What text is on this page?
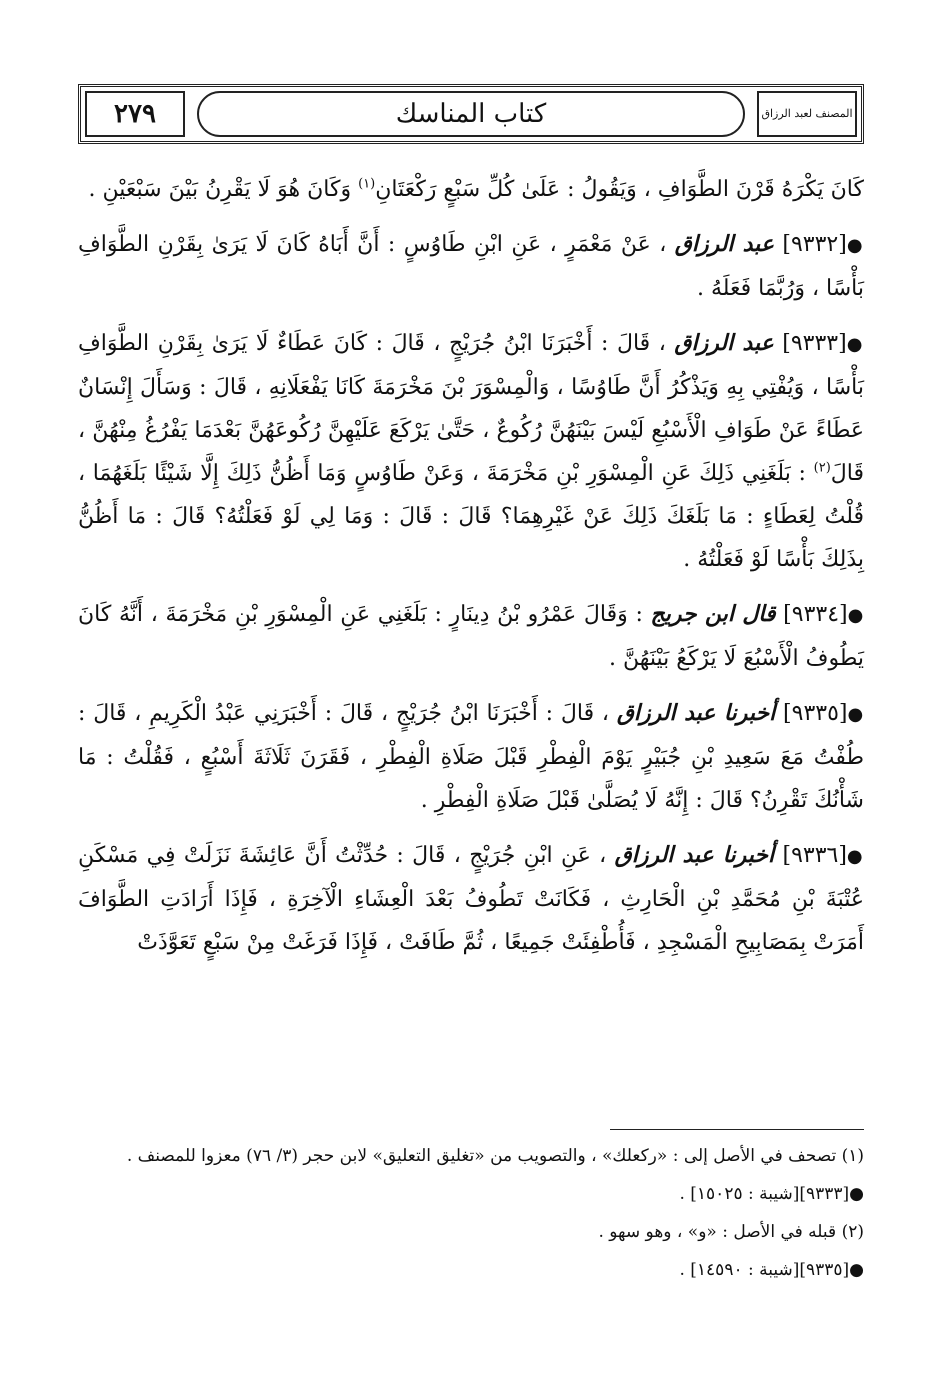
٢٧٩	كتاب المناسك	المصنف لعبد الرزاق

كَانَ يَكْرَهُ قَرْنَ الطَّوَافِ ، وَيَقُولُ : عَلَىٰ كُلِّ سَبْعٍ رَكْعَتَانِ$^{(١)}$ وَكَانَ هُوَ لَا يَقْرِنُ بَيْنَ سَبْعَيْنِ .

●[٩٣٣٢] عبد الرزاق ، عَنْ مَعْمَرٍ ، عَنِ ابْنِ طَاوُسٍ : أَنَّ أَبَاهُ كَانَ لَا يَرَىٰ بِقَرْنِ الطَّوَافِ بَأْسًا ، وَرُبَّمَا فَعَلَهُ .

●[٩٣٣٣] عبد الرزاق ، قَالَ : أَخْبَرَنَا ابْنُ جُرَيْجٍ ، قَالَ : كَانَ عَطَاءٌ لَا يَرَىٰ بِقَرْنِ الطَّوَافِ بَأْسًا ، وَيُفْتِي بِهِ وَيَذْكُرُ أَنَّ طَاوُسًا ، وَالْمِسْوَرَ بْنَ مَخْرَمَةَ كَانَا يَفْعَلَانِهِ ، قَالَ : وَسَأَلَ إِنْسَانٌ عَطَاءً عَنْ طَوَافِ الْأَسْبُعِ لَيْسَ بَيْنَهُنَّ رُكُوعٌ ، حَتَّىٰ يَرْكَعَ عَلَيْهِنَّ رُكُوعَهُنَّ بَعْدَمَا يَفْرُغُ مِنْهُنَّ ، قَالَ$^{(٢)}$ : بَلَغَنِي ذَلِكَ عَنِ الْمِسْوَرِ بْنِ مَخْرَمَةَ ، وَعَنْ طَاوُسٍ وَمَا أَظُنُّ ذَلِكَ إِلَّا شَيْئًا بَلَغَهُمَا ، قُلْتُ لِعَطَاءٍ : مَا بَلَغَكَ ذَلِكَ عَنْ غَيْرِهِمَا؟ قَالَ : قَالَ : وَمَا لِي لَوْ فَعَلْتُهُ؟ قَالَ : مَا أَظُنُّ بِذَلِكَ بَأْسًا لَوْ فَعَلْتُهُ .

●[٩٣٣٤] قال ابن جريج : وَقَالَ عَمْرُو بْنُ دِينَارٍ : بَلَغَنِي عَنِ الْمِسْوَرِ بْنِ مَخْرَمَةَ ، أَنَّهُ كَانَ يَطُوفُ الْأَسْبُعَ لَا يَرْكَعُ بَيْنَهُنَّ .

●[٩٣٣٥] أخبرنا عبد الرزاق ، قَالَ : أَخْبَرَنَا ابْنُ جُرَيْجٍ ، قَالَ : أَخْبَرَنِي عَبْدُ الْكَرِيمِ ، قَالَ : طُفْتُ مَعَ سَعِيدِ بْنِ جُبَيْرٍ يَوْمَ الْفِطْرِ قَبْلَ صَلَاةِ الْفِطْرِ ، فَقَرَنَ ثَلَاثَةَ أَسْبُعٍ ، فَقُلْتُ : مَا شَأْنُكَ تَقْرِنُ؟ قَالَ : إِنَّهُ لَا يُصَلَّىٰ قَبْلَ صَلَاةِ الْفِطْرِ .

●[٩٣٣٦] أخبرنا عبد الرزاق ، عَنِ ابْنِ جُرَيْجٍ ، قَالَ : حُدِّثْتُ أَنَّ عَائِشَةَ نَزَلَتْ فِي مَسْكَنِ عُتْبَةَ بْنِ مُحَمَّدِ بْنِ الْحَارِثِ ، فَكَانَتْ تَطُوفُ بَعْدَ الْعِشَاءِ الْآخِرَةِ ، فَإِذَا أَرَادَتِ الطَّوَافَ أَمَرَتْ بِمَصَابِيحِ الْمَسْجِدِ ، فَأُطْفِئَتْ جَمِيعًا ، ثُمَّ طَافَتْ ، فَإِذَا فَرَغَتْ مِنْ سَبْعٍ تَعَوَّذَتْ

(١) تصحف في الأصل إلى : «ركعلك» ، والتصويب من «تغليق التعليق» لابن حجر (٣/ ٧٦) معزوا للمصنف .

●[٩٣٣٣][شيبة : ١٥٠٢٥] .

(٢) قبله في الأصل : «و» ، وهو سهو .

●[٩٣٣٥][شيبة : ١٤٥٩٠] .
